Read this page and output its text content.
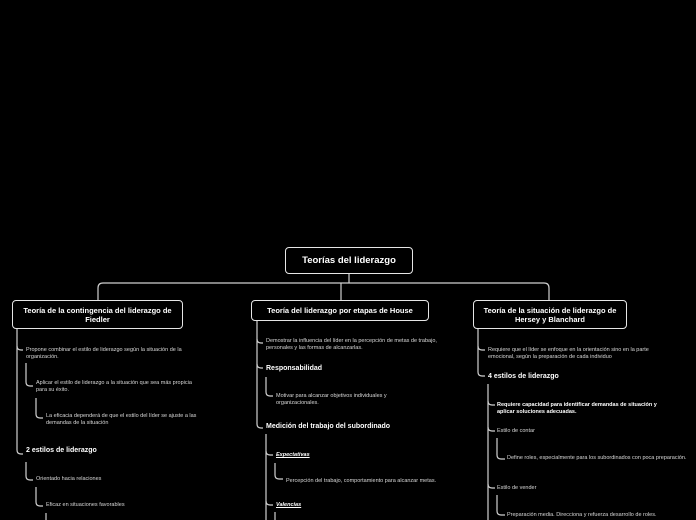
Teorías del liderazgo
Teoría de la contingencia del liderazgo de Fiedler
Propone combinar el estilo de liderazgo según la situación de la organización.
Aplicar el estilo de liderazgo a la situación que sea más propicia para su éxito.
La eficacia dependerá de que el estilo del líder se ajuste a las demandas de la situación
2 estilos de liderazgo
Orientado hacia relaciones
Eficaz en situaciones favorables
Teoría del liderazgo por etapas de House
Demostrar la influencia del líder en la percepción de metas de trabajo, personales y las formas de alcanzarlas.
Responsabilidad
Motivar para alcanzar objetivos individuales y organizacionales.
Medición del trabajo del subordinado
Expectativas
Percepción del trabajo, comportamiento para alcanzar metas.
Valencias
Teoría de la situación de liderazgo de Hersey y Blanchard
Requiere que el líder se enfoque en la orientación sino en la parte emocional, según la preparación de cada individuo
4 estilos de liderazgo
Requiere capacidad para identificar demandas de situación y aplicar soluciones adecuadas.
Estilo de contar
Define roles, especialmente para los subordinados con poca preparación.
Estilo de vender
Preparación media. Direcciona y refuerza desarrollo de roles.
